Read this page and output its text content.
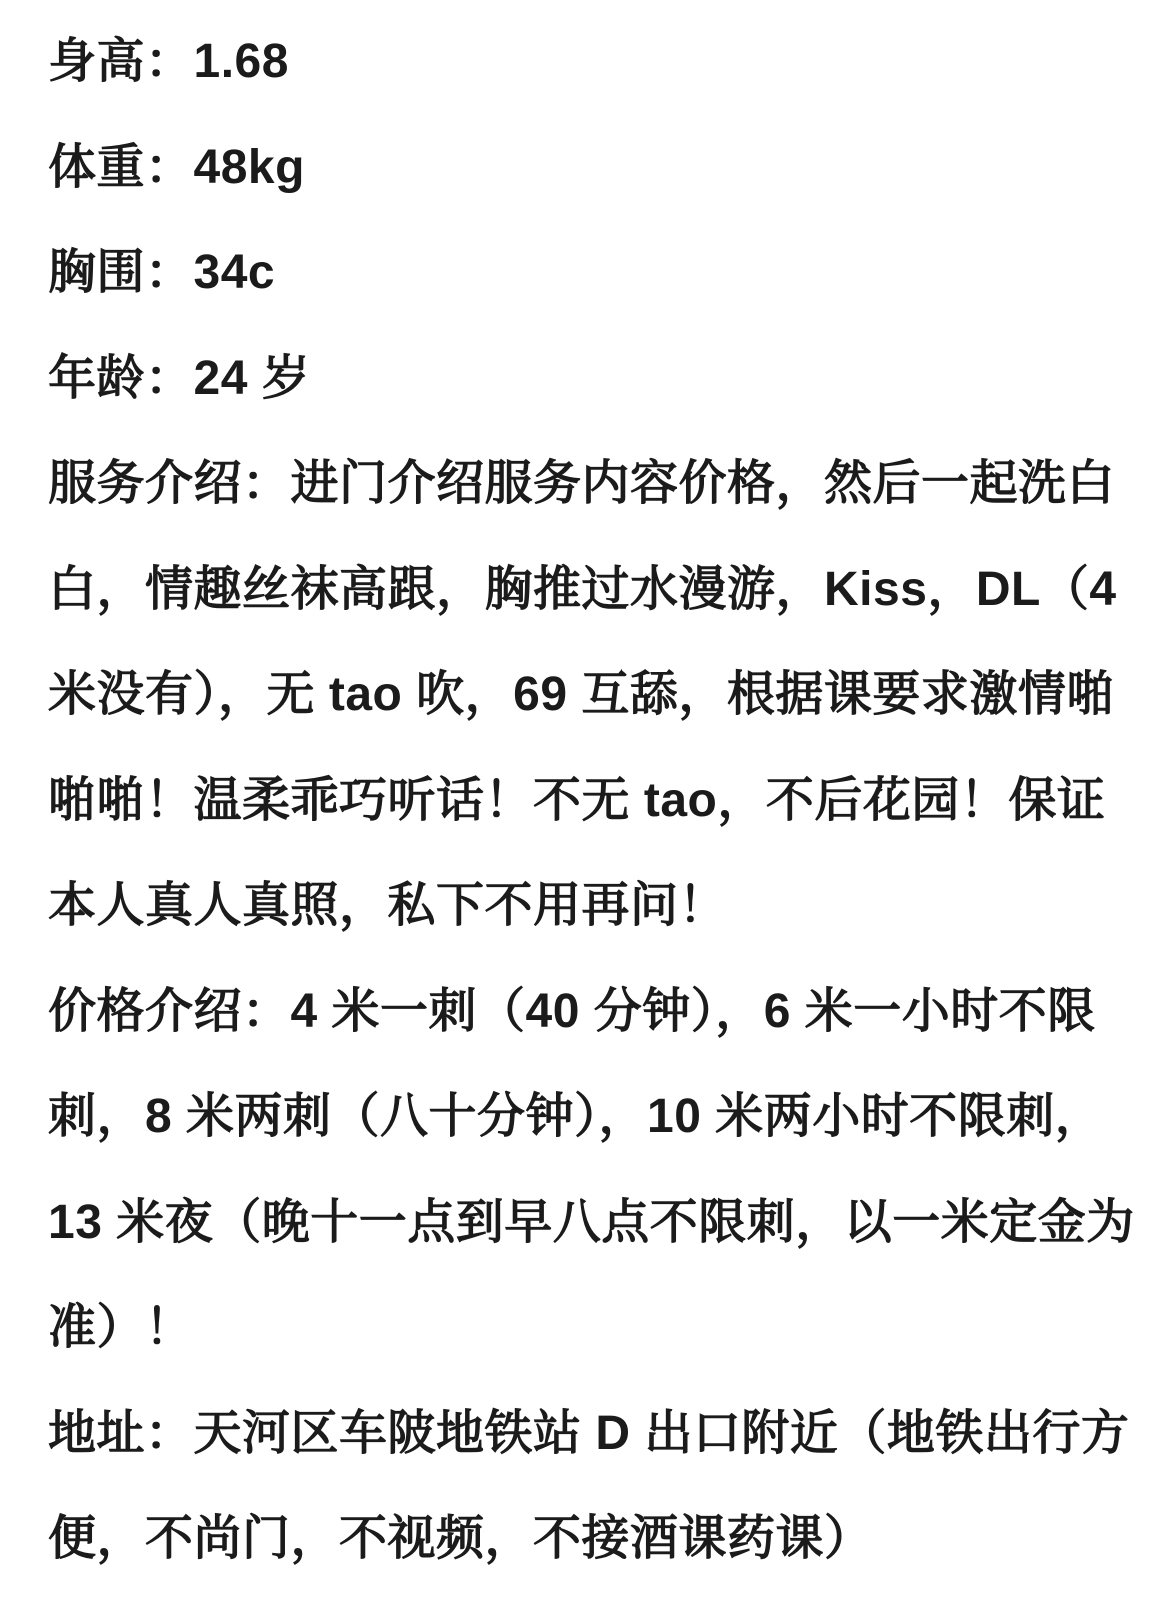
身高：1.68
体重：48kg
胸围：34c
年龄：24 岁
服务介绍：进门介绍服务内容价格，然后一起洗白
白，情趣丝袜高跟，胸推过水漫游，Kiss，DL（4
米没有），无 tao 吹，69 互舔，根据课要求激情啪
啪啪！温柔乖巧听话！不无 tao，不后花园！保证
本人真人真照，私下不用再问！
价格介绍：4 米一刺（40 分钟），6 米一小时不限
刺，8 米两刺（八十分钟），10 米两小时不限刺，
13 米夜（晚十一点到早八点不限刺，以一米定金为
准）！
地址：天河区车陂地铁站 D 出口附近（地铁出行方
便，不尚门，不视频，不接酒课药课）
